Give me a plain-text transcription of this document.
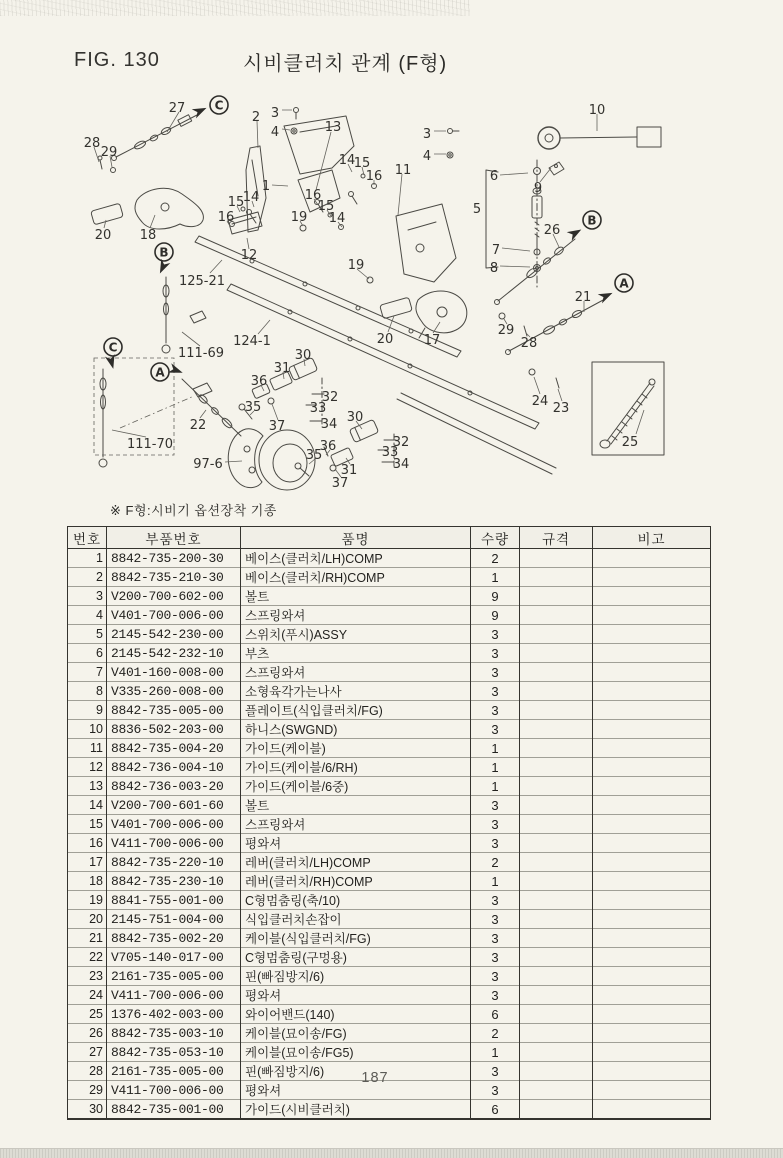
FIG. 130	시비클러치 관계 (F형)
27
2 3
4	13
28
29
20 18
14
15
16 11
16
15
14
15
14
16
1
19
12
125-21
3
4
10
6
9
5
7
8
26
19
17
20
29
28
21
24 23
25
111-69
111-70
124-1
22
97-6
30
31
36
35
32
33
34
37
30
36
35
31
37
32
33
34
C
B
C
A
B
A
※ F형:시비기 옵션장착 기종
번호	부품번호	품명	수량	규격	비고
1	8842-735-200-30	베이스(클러치/LH)COMP	2		
2	8842-735-210-30	베이스(클러치/RH)COMP	1		
3	V200-700-602-00	볼트	9		
4	V401-700-006-00	스프링와셔	9		
5	2145-542-230-00	스위치(푸시)ASSY	3		
6	2145-542-232-10	부츠	3		
7	V401-160-008-00	스프링와셔	3		
8	V335-260-008-00	소형육각가는나사	3		
9	8842-735-005-00	플레이트(식입클러치/FG)	3		
10	8836-502-203-00	하니스(SWGND)	3		
11	8842-735-004-20	가이드(케이블)	1		
12	8842-736-004-10	가이드(케이블/6/RH)	1		
13	8842-736-003-20	가이드(케이블/6중)	1		
14	V200-700-601-60	볼트	3		
15	V401-700-006-00	스프링와셔	3		
16	V411-700-006-00	평와셔	3		
17	8842-735-220-10	레버(클러치/LH)COMP	2		
18	8842-735-230-10	레버(클러치/RH)COMP	1		
19	8841-755-001-00	C형멈춤링(축/10)	3		
20	2145-751-004-00	식입클러치손잡이	3		
21	8842-735-002-20	케이블(식입클러치/FG)	3		
22	V705-140-017-00	C형멈춤링(구멍용)	3		
23	2161-735-005-00	핀(빠짐방지/6)	3		
24	V411-700-006-00	평와셔	3		
25	1376-402-003-00	와이어밴드(140)	6		
26	8842-735-003-10	케이블(묘이송/FG)	2		
27	8842-735-053-10	케이블(묘이송/FG5)	1		
28	2161-735-005-00	핀(빠짐방지/6)	3		
29	V411-700-006-00	평와셔	3		
30	8842-735-001-00	가이드(시비클러치)	6		
187
